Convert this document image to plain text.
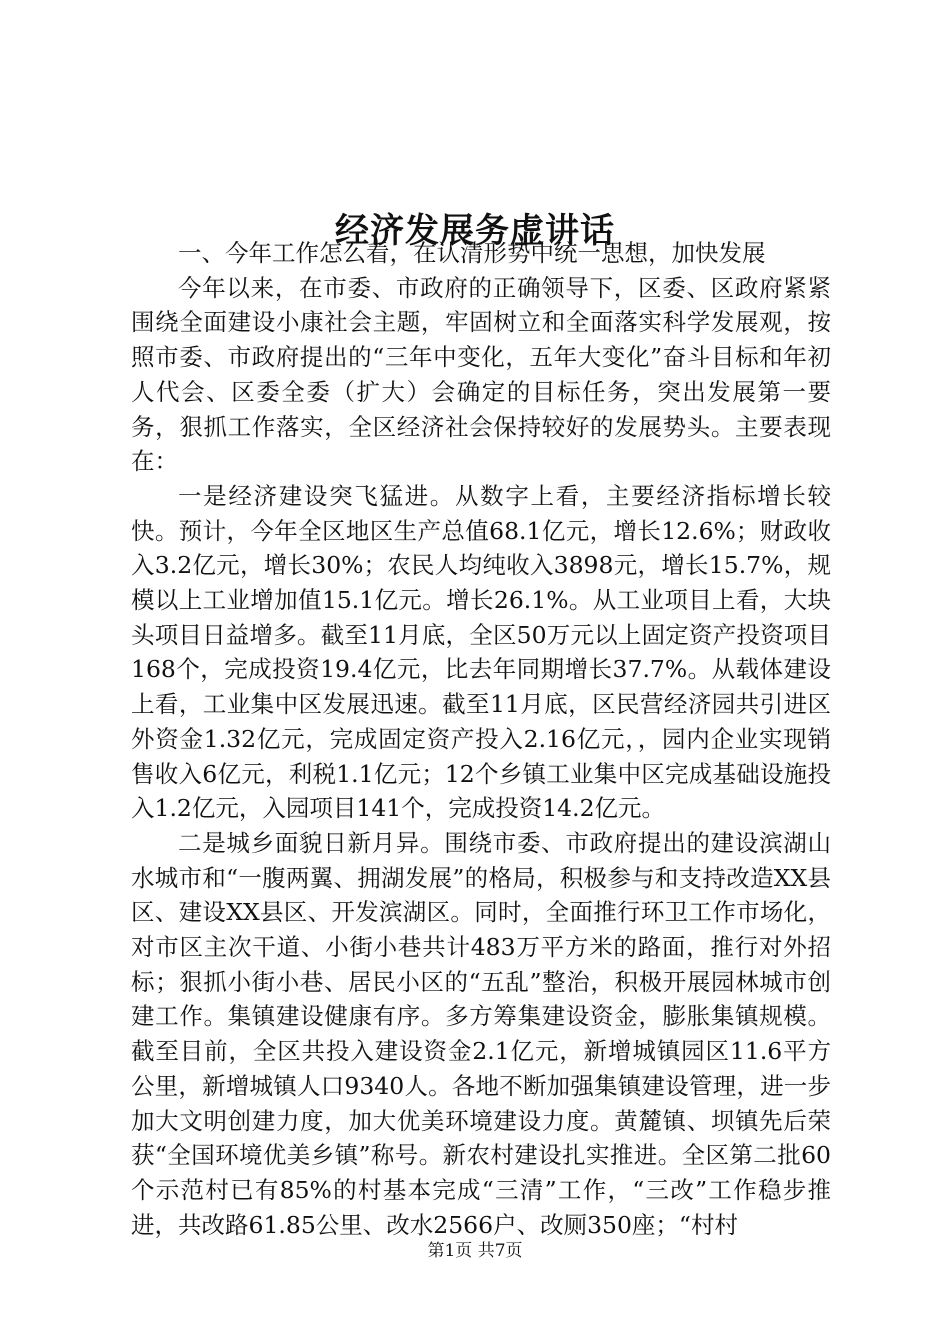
经济发展务虚讲话

一、今年工作怎么看，在认清形势中统一思想，加快发展

今年以来，在市委、市政府的正确领导下，区委、区政府紧紧围绕全面建设小康社会主题，牢固树立和全面落实科学发展观，按照市委、市政府提出的“三年中变化，五年大变化”奋斗目标和年初人代会、区委全委（扩大）会确定的目标任务，突出发展第一要务，狠抓工作落实，全区经济社会保持较好的发展势头。主要表现在：

一是经济建设突飞猛进。从数字上看，主要经济指标增长较快。预计，今年全区地区生产总值68.1亿元，增长12.6%；财政收入3.2亿元，增长30%；农民人均纯收入3898元，增长15.7%，规模以上工业增加值15.1亿元。增长26.1%。从工业项目上看，大块头项目日益增多。截至11月底，全区50万元以上固定资产投资项目168个，完成投资19.4亿元，比去年同期增长37.7%。从载体建设上看，工业集中区发展迅速。截至11月底，区民营经济园共引进区外资金1.32亿元，完成固定资产投入2.16亿元，，园内企业实现销售收入6亿元，利税1.1亿元；12个乡镇工业集中区完成基础设施投入1.2亿元，入园项目141个，完成投资14.2亿元。

二是城乡面貌日新月异。围绕市委、市政府提出的建设滨湖山水城市和“一腹两翼、拥湖发展”的格局，积极参与和支持改造XX县区、建设XX县区、开发滨湖区。同时，全面推行环卫工作市场化，对市区主次干道、小街小巷共计483万平方米的路面，推行对外招标；狠抓小街小巷、居民小区的“五乱”整治，积极开展园林城市创建工作。集镇建设健康有序。多方筹集建设资金，膨胀集镇规模。截至目前，全区共投入建设资金2.1亿元，新增城镇园区11.6平方公里，新增城镇人口9340人。各地不断加强集镇建设管理，进一步加大文明创建力度，加大优美环境建设力度。黄麓镇、坝镇先后荣获“全国环境优美乡镇”称号。新农村建设扎实推进。全区第二批60个示范村已有85%的村基本完成“三清”工作，“三改”工作稳步推进，共改路61.85公里、改水2566户、改厕350座；“村村

第1页 共7页
